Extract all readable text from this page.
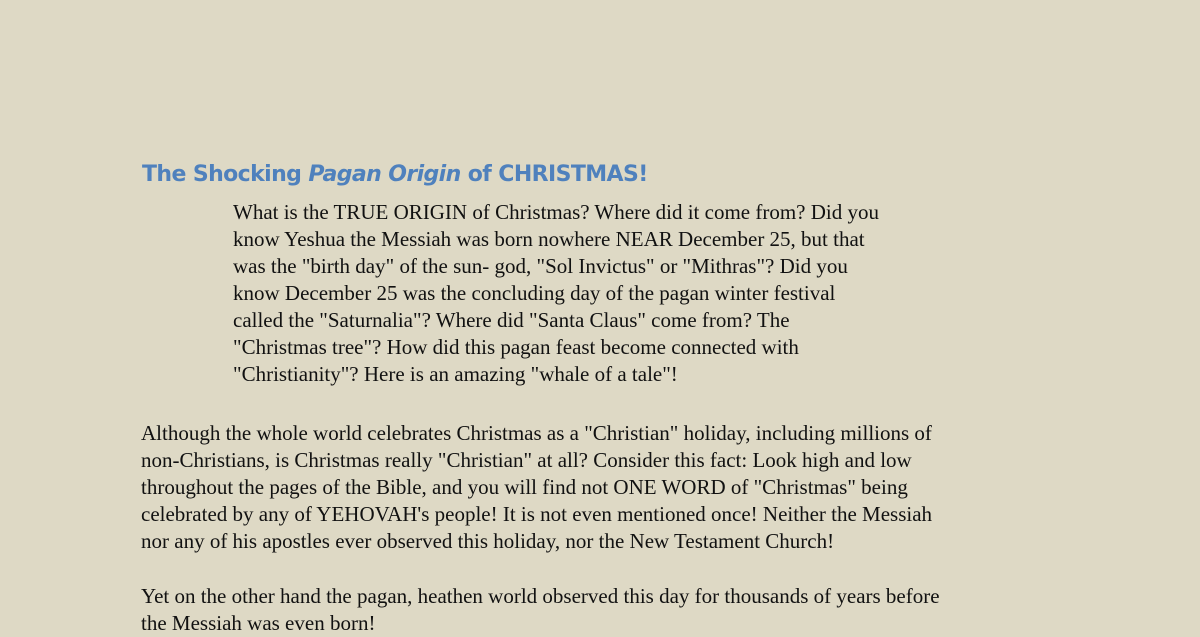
The Shocking Pagan Origin of CHRISTMAS!
What is the TRUE ORIGIN of Christmas? Where did it come from? Did you
know Yeshua the Messiah was born nowhere NEAR December 25, but that
was the "birth day" of the sun- god, "Sol Invictus" or "Mithras"? Did you
know December 25 was the concluding day of the pagan winter festival
called the "Saturnalia"? Where did "Santa Claus" come from? The
"Christmas tree"? How did this pagan feast become connected with
"Christianity"? Here is an amazing "whale of a tale"!
Although the whole world celebrates Christmas as a "Christian" holiday, including millions of
non-Christians, is Christmas really "Christian" at all? Consider this fact: Look high and low
throughout the pages of the Bible, and you will find not ONE WORD of "Christmas" being
celebrated by any of YEHOVAH's people! It is not even mentioned once! Neither the Messiah
nor any of his apostles ever observed this holiday, nor the New Testament Church!
Yet on the other hand the pagan, heathen world observed this day for thousands of years before
the Messiah was even born!
